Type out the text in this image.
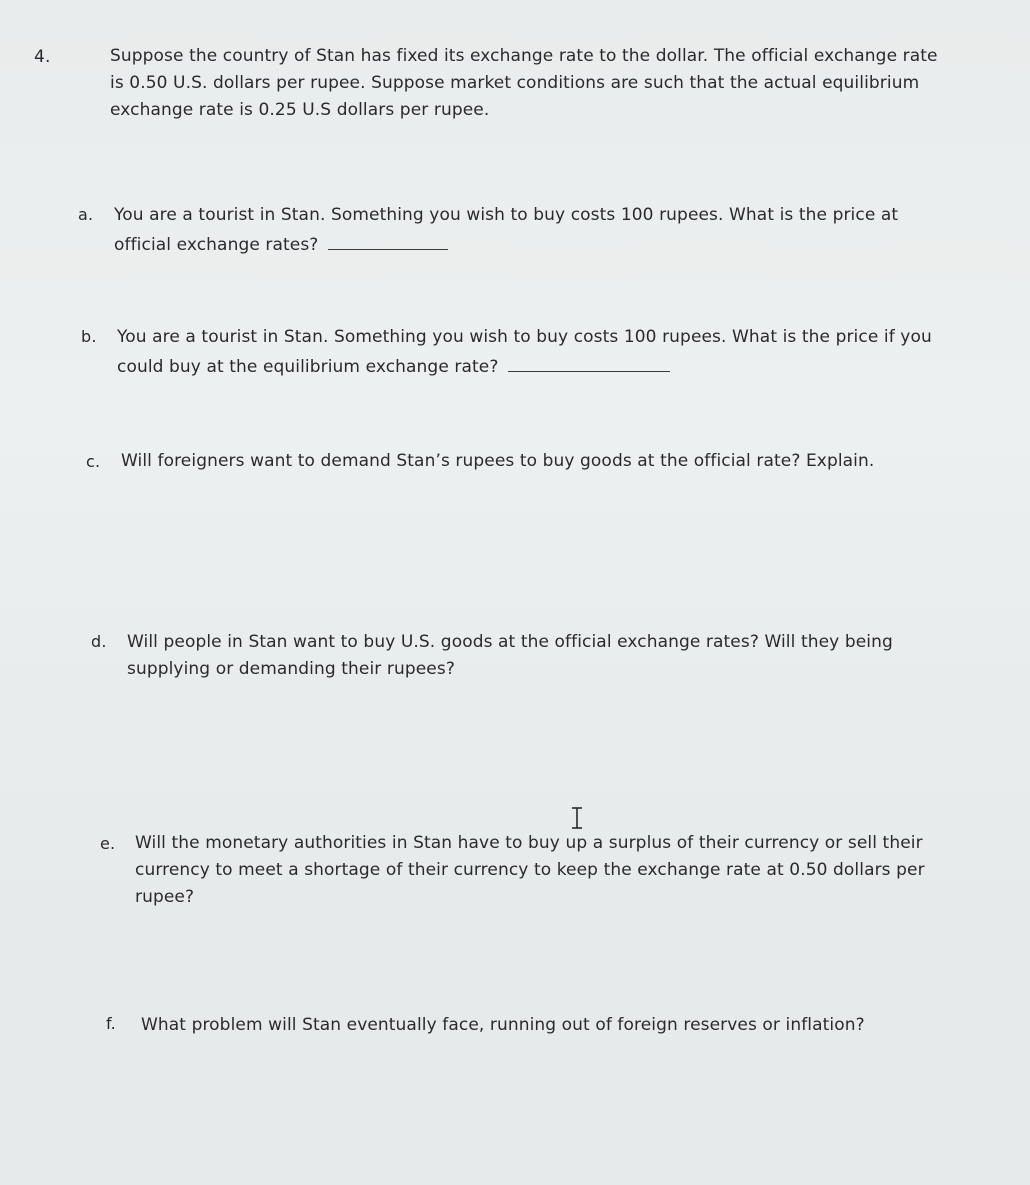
4.	Suppose the country of Stan has fixed its exchange rate to the dollar. The official exchange rate
is 0.50 U.S. dollars per rupee. Suppose market conditions are such that the actual equilibrium
exchange rate is 0.25 U.S dollars per rupee.
a. You are a tourist in Stan. Something you wish to buy costs 100 rupees. What is the price at
official exchange rates?
b. You are a tourist in Stan. Something you wish to buy costs 100 rupees. What is the price if you
could buy at the equilibrium exchange rate?
c. Will foreigners want to demand Stan’s rupees to buy goods at the official rate? Explain.
d. Will people in Stan want to buy U.S. goods at the official exchange rates? Will they being
supplying or demanding their rupees?
e. Will the monetary authorities in Stan have to buy up a surplus of their currency or sell their
currency to meet a shortage of their currency to keep the exchange rate at 0.50 dollars per
rupee?
f. What problem will Stan eventually face, running out of foreign reserves or inflation?
